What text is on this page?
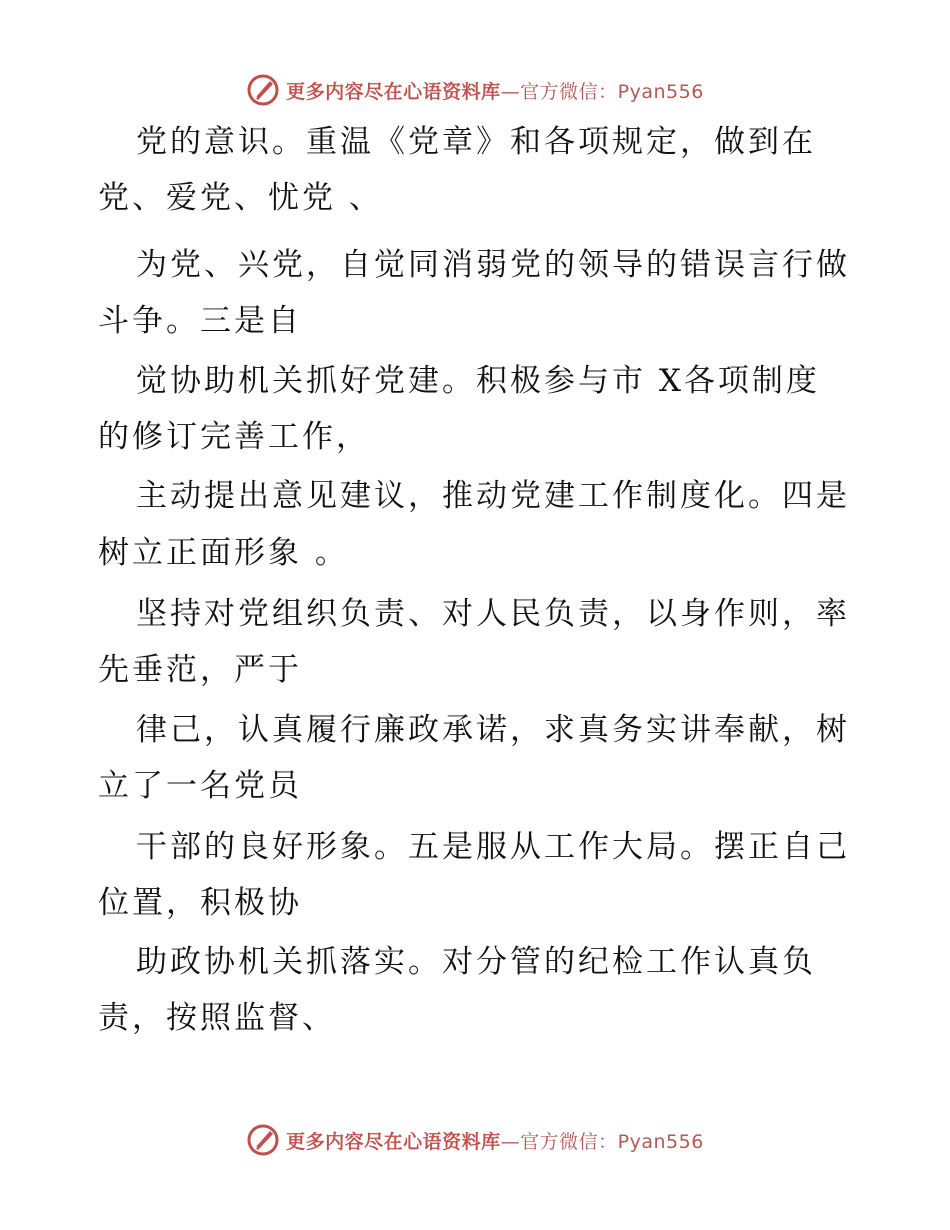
更多内容尽在心语资料库—官方微信：Pyan556
党的意识。重温《党章》和各项规定，做到在
党、爱党、忧党 、
为党、兴党，自觉同消弱党的领导的错误言行做
斗争。三是自
觉协助机关抓好党建。积极参与市 X各项制度
的修订完善工作，
主动提出意见建议，推动党建工作制度化。四是
树立正面形象 。
坚持对党组织负责、对人民负责，以身作则，率
先垂范，严于
律己，认真履行廉政承诺，求真务实讲奉献，树
立了一名党员
干部的良好形象。五是服从工作大局。摆正自己
位置，积极协
助政协机关抓落实。对分管的纪检工作认真负
责，按照监督、
更多内容尽在心语资料库—官方微信：Pyan556
